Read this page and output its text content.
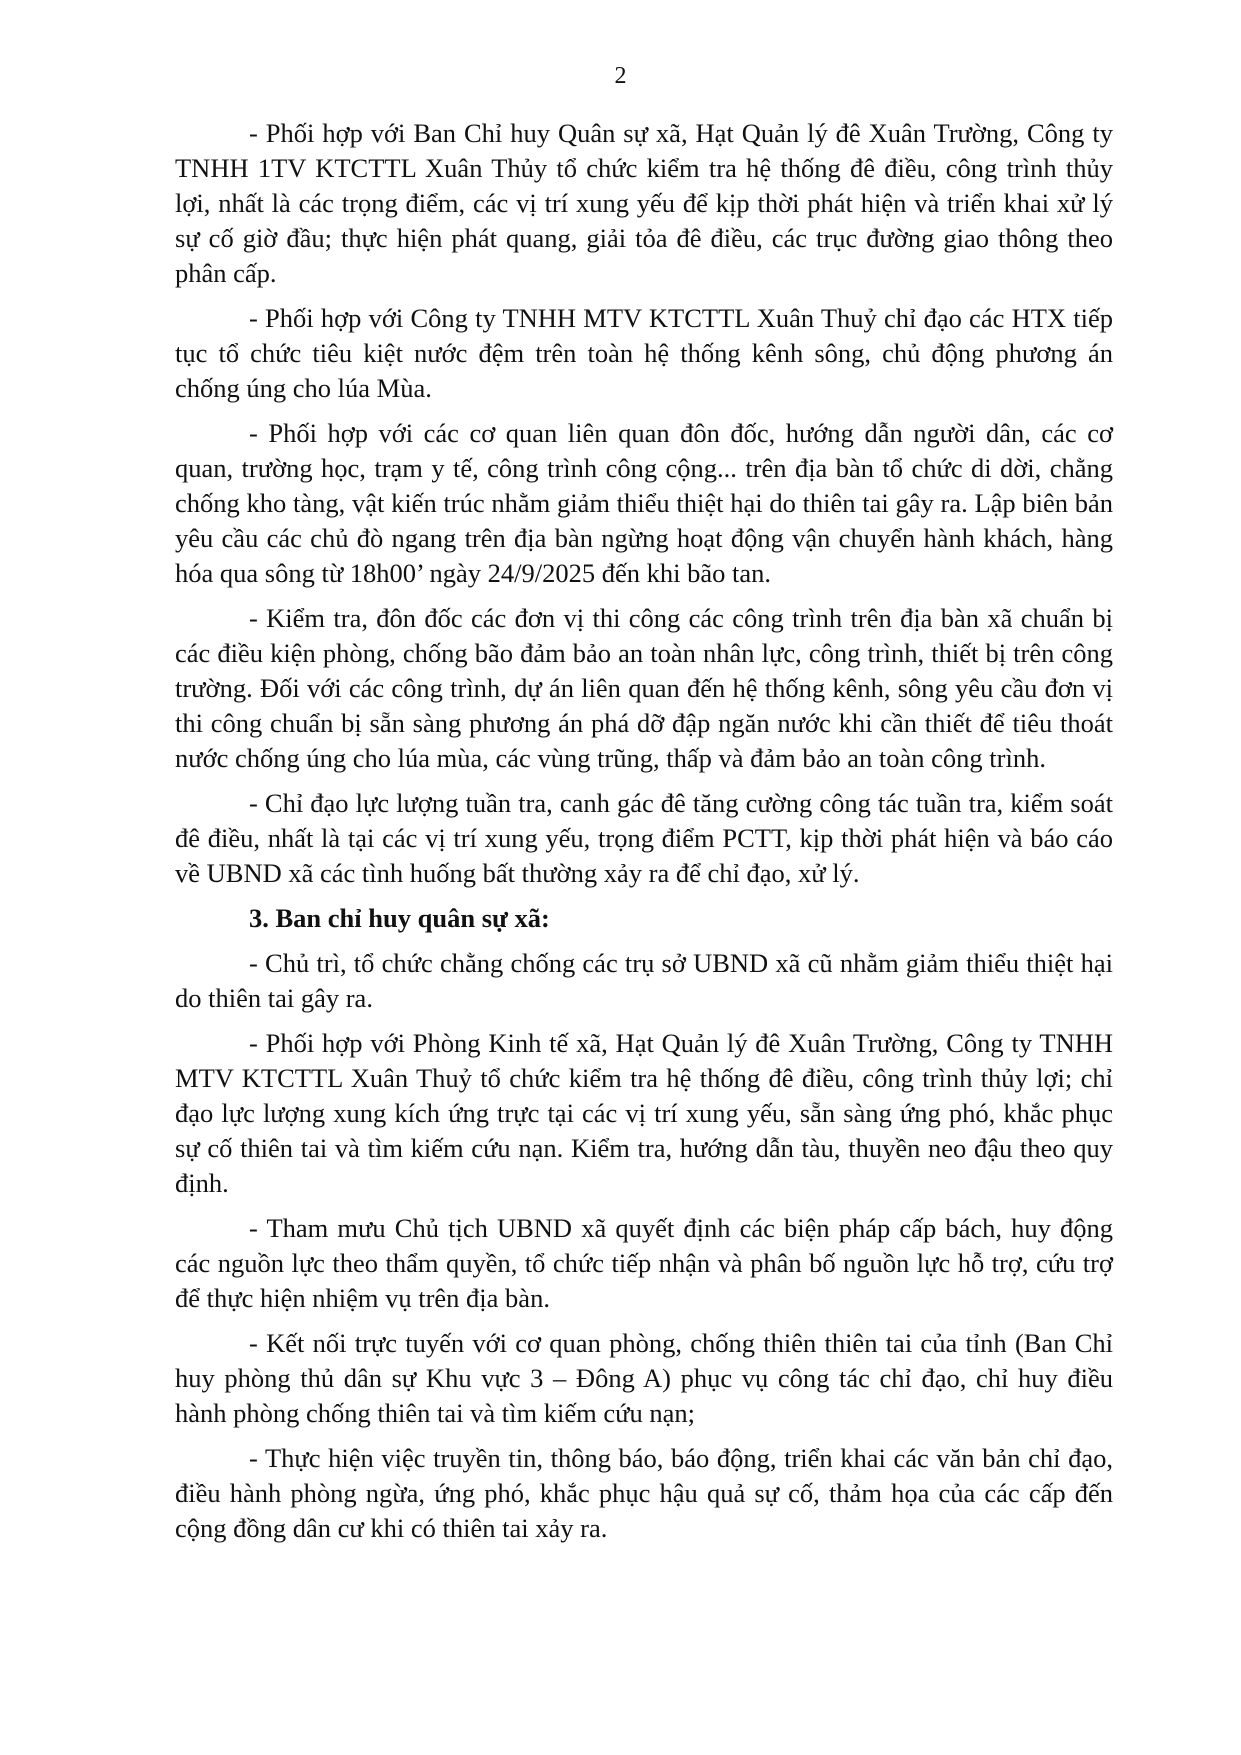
2

- Phối hợp với Ban Chỉ huy Quân sự xã, Hạt Quản lý đê Xuân Trường, Công ty TNHH 1TV KTCTTL Xuân Thủy tổ chức kiểm tra hệ thống đê điều, công trình thủy lợi, nhất là các trọng điểm, các vị trí xung yếu để kịp thời phát hiện và triển khai xử lý sự cố giờ đầu; thực hiện phát quang, giải tỏa đê điều, các trục đường giao thông theo phân cấp.

- Phối hợp với Công ty TNHH MTV KTCTTL Xuân Thuỷ chỉ đạo các HTX tiếp tục tổ chức tiêu kiệt nước đệm trên toàn hệ thống kênh sông, chủ động phương án chống úng cho lúa Mùa.

- Phối hợp với các cơ quan liên quan đôn đốc, hướng dẫn người dân, các cơ quan, trường học, trạm y tế, công trình công cộng... trên địa bàn tổ chức di dời, chằng chống kho tàng, vật kiến trúc nhằm giảm thiểu thiệt hại do thiên tai gây ra. Lập biên bản yêu cầu các chủ đò ngang trên địa bàn ngừng hoạt động vận chuyển hành khách, hàng hóa qua sông từ 18h00’ ngày 24/9/2025 đến khi bão tan.

- Kiểm tra, đôn đốc các đơn vị thi công các công trình trên địa bàn xã chuẩn bị các điều kiện phòng, chống bão đảm bảo an toàn nhân lực, công trình, thiết bị trên công trường. Đối với các công trình, dự án liên quan đến hệ thống kênh, sông yêu cầu đơn vị thi công chuẩn bị sẵn sàng phương án phá dỡ đập ngăn nước khi cần thiết để tiêu thoát nước chống úng cho lúa mùa, các vùng trũng, thấp và đảm bảo an toàn công trình.

- Chỉ đạo lực lượng tuần tra, canh gác đê tăng cường công tác tuần tra, kiểm soát đê điều, nhất là tại các vị trí xung yếu, trọng điểm PCTT, kịp thời phát hiện và báo cáo về UBND xã các tình huống bất thường xảy ra để chỉ đạo, xử lý.

3. Ban chỉ huy quân sự xã:

- Chủ trì, tổ chức chằng chống các trụ sở UBND xã cũ nhằm giảm thiểu thiệt hại do thiên tai gây ra.

- Phối hợp với Phòng Kinh tế xã, Hạt Quản lý đê Xuân Trường, Công ty TNHH MTV KTCTTL Xuân Thuỷ tổ chức kiểm tra hệ thống đê điều, công trình thủy lợi; chỉ đạo lực lượng xung kích ứng trực tại các vị trí xung yếu, sẵn sàng ứng phó, khắc phục sự cố thiên tai và tìm kiếm cứu nạn. Kiểm tra, hướng dẫn tàu, thuyền neo đậu theo quy định.

- Tham mưu Chủ tịch UBND xã quyết định các biện pháp cấp bách, huy động các nguồn lực theo thẩm quyền, tổ chức tiếp nhận và phân bố nguồn lực hỗ trợ, cứu trợ để thực hiện nhiệm vụ trên địa bàn.

- Kết nối trực tuyến với cơ quan phòng, chống thiên thiên tai của tỉnh (Ban Chỉ huy phòng thủ dân sự Khu vực 3 – Đông A) phục vụ công tác chỉ đạo, chỉ huy điều hành phòng chống thiên tai và tìm kiếm cứu nạn;

- Thực hiện việc truyền tin, thông báo, báo động, triển khai các văn bản chỉ đạo, điều hành phòng ngừa, ứng phó, khắc phục hậu quả sự cố, thảm họa của các cấp đến cộng đồng dân cư khi có thiên tai xảy ra.
